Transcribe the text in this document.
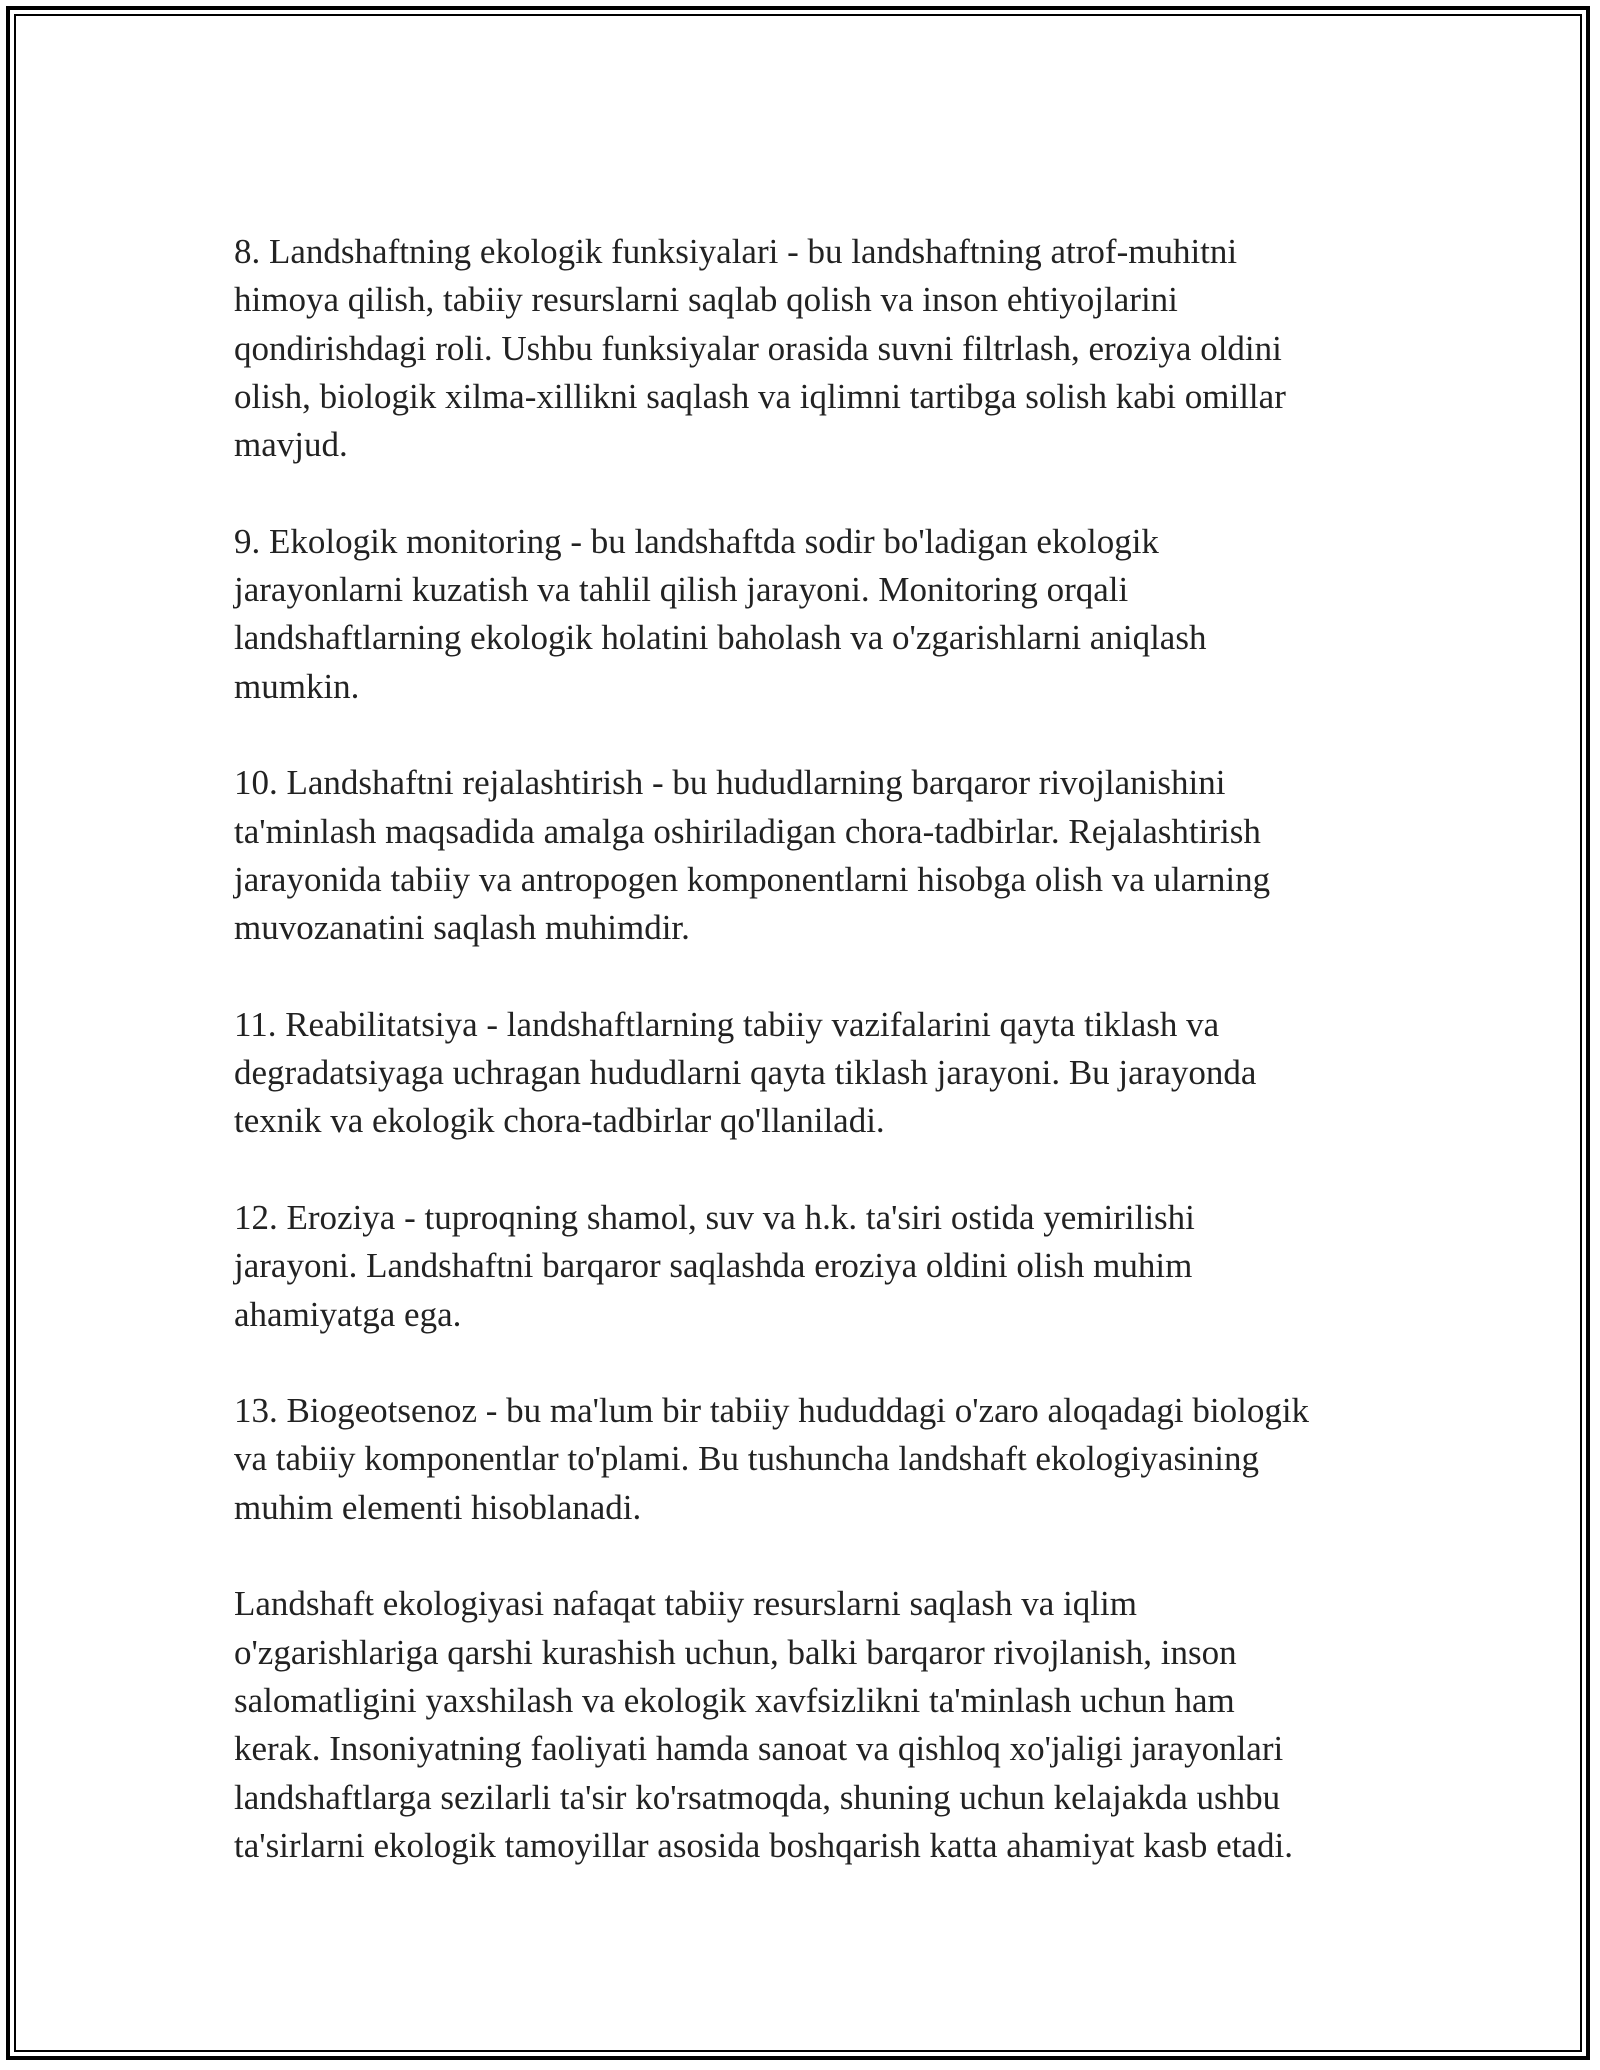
8. Landshaftning ekologik funksiyalari - bu landshaftning atrof-muhitni
himoya qilish, tabiiy resurslarni saqlab qolish va inson ehtiyojlarini
qondirishdagi roli. Ushbu funksiyalar orasida suvni filtrlash, eroziya oldini
olish, biologik xilma-xillikni saqlash va iqlimni tartibga solish kabi omillar
mavjud.

9. Ekologik monitoring - bu landshaftda sodir bo'ladigan ekologik
jarayonlarni kuzatish va tahlil qilish jarayoni. Monitoring orqali
landshaftlarning ekologik holatini baholash va o'zgarishlarni aniqlash
mumkin.

10. Landshaftni rejalashtirish - bu hududlarning barqaror rivojlanishini
ta'minlash maqsadida amalga oshiriladigan chora-tadbirlar. Rejalashtirish
jarayonida tabiiy va antropogen komponentlarni hisobga olish va ularning
muvozanatini saqlash muhimdir.

11. Reabilitatsiya - landshaftlarning tabiiy vazifalarini qayta tiklash va
degradatsiyaga uchragan hududlarni qayta tiklash jarayoni. Bu jarayonda
texnik va ekologik chora-tadbirlar qo'llaniladi.

12. Eroziya - tuproqning shamol, suv va h.k. ta'siri ostida yemirilishi
jarayoni. Landshaftni barqaror saqlashda eroziya oldini olish muhim
ahamiyatga ega.

13. Biogeotsenoz - bu ma'lum bir tabiiy hududdagi o'zaro aloqadagi biologik
va tabiiy komponentlar to'plami. Bu tushuncha landshaft ekologiyasining
muhim elementi hisoblanadi.

Landshaft ekologiyasi nafaqat tabiiy resurslarni saqlash va iqlim
o'zgarishlariga qarshi kurashish uchun, balki barqaror rivojlanish, inson
salomatligini yaxshilash va ekologik xavfsizlikni ta'minlash uchun ham
kerak. Insoniyatning faoliyati hamda sanoat va qishloq xo'jaligi jarayonlari
landshaftlarga sezilarli ta'sir ko'rsatmoqda, shuning uchun kelajakda ushbu
ta'sirlarni ekologik tamoyillar asosida boshqarish katta ahamiyat kasb etadi.
